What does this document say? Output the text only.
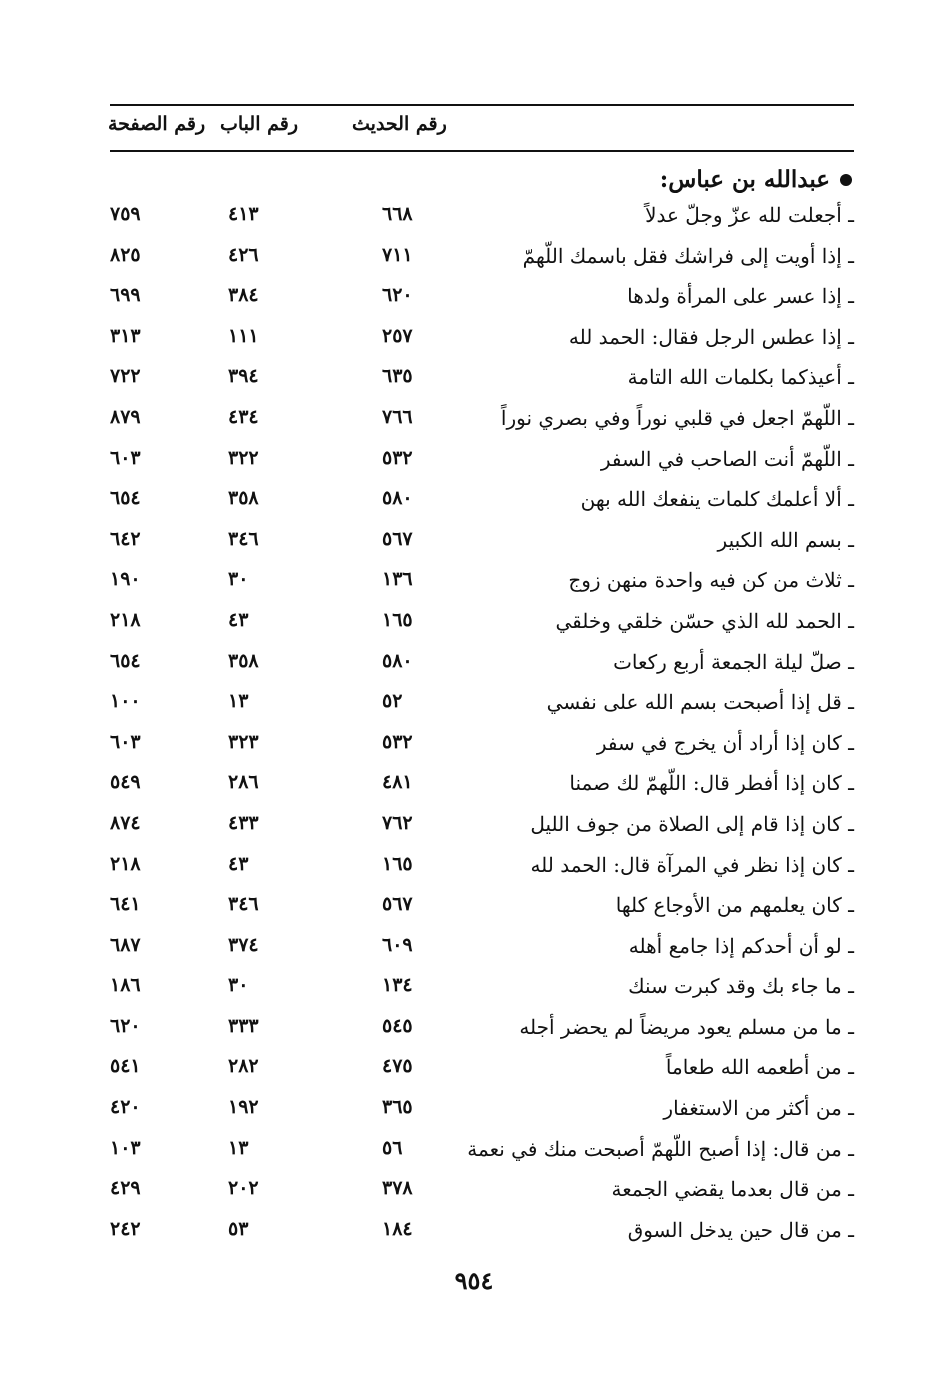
رقم الحديث
رقم الباب
رقم الصفحة
عبدالله بن عباس:
ـ أجعلت لله عزّ وجلّ عدلاً
٦٦٨
٤١٣
٧٥٩
ـ إذا أويت إلى فراشك فقل باسمك اللّهمّ
٧١١
٤٢٦
٨٢٥
ـ إذا عسر على المرأة ولدها
٦٢٠
٣٨٤
٦٩٩
ـ إذا عطس الرجل فقال: الحمد لله
٢٥٧
١١١
٣١٣
ـ أعيذكما بكلمات الله التامة
٦٣٥
٣٩٤
٧٢٢
ـ اللّهمّ اجعل في قلبي نوراً وفي بصري نوراً
٧٦٦
٤٣٤
٨٧٩
ـ اللّهمّ أنت الصاحب في السفر
٥٣٢
٣٢٢
٦٠٣
ـ ألا أعلمك كلمات ينفعك الله بهن
٥٨٠
٣٥٨
٦٥٤
ـ بسم الله الكبير
٥٦٧
٣٤٦
٦٤٢
ـ ثلاث من كن فيه واحدة منهن زوج
١٣٦
٣٠
١٩٠
ـ الحمد لله الذي حسّن خلقي وخلقي
١٦٥
٤٣
٢١٨
ـ صلّ ليلة الجمعة أربع ركعات
٥٨٠
٣٥٨
٦٥٤
ـ قل إذا أصبحت بسم الله على نفسي
٥٢
١٣
١٠٠
ـ كان إذا أراد أن يخرج في سفر
٥٣٢
٣٢٣
٦٠٣
ـ كان إذا أفطر قال: اللّهمّ لك صمنا
٤٨١
٢٨٦
٥٤٩
ـ كان إذا قام إلى الصلاة من جوف الليل
٧٦٢
٤٣٣
٨٧٤
ـ كان إذا نظر في المرآة قال: الحمد لله
١٦٥
٤٣
٢١٨
ـ كان يعلمهم من الأوجاع كلها
٥٦٧
٣٤٦
٦٤١
ـ لو أن أحدكم إذا جامع أهله
٦٠٩
٣٧٤
٦٨٧
ـ ما جاء بك وقد كبرت سنك
١٣٤
٣٠
١٨٦
ـ ما من مسلم يعود مريضاً لم يحضر أجله
٥٤٥
٣٣٣
٦٢٠
ـ من أطعمه الله طعاماً
٤٧٥
٢٨٢
٥٤١
ـ من أكثر من الاستغفار
٣٦٥
١٩٢
٤٢٠
ـ من قال: إذا أصبح اللّهمّ أصبحت منك في نعمة
٥٦
١٣
١٠٣
ـ من قال بعدما يقضي الجمعة
٣٧٨
٢٠٢
٤٢٩
ـ من قال حين يدخل السوق
١٨٤
٥٣
٢٤٢
٩٥٤
